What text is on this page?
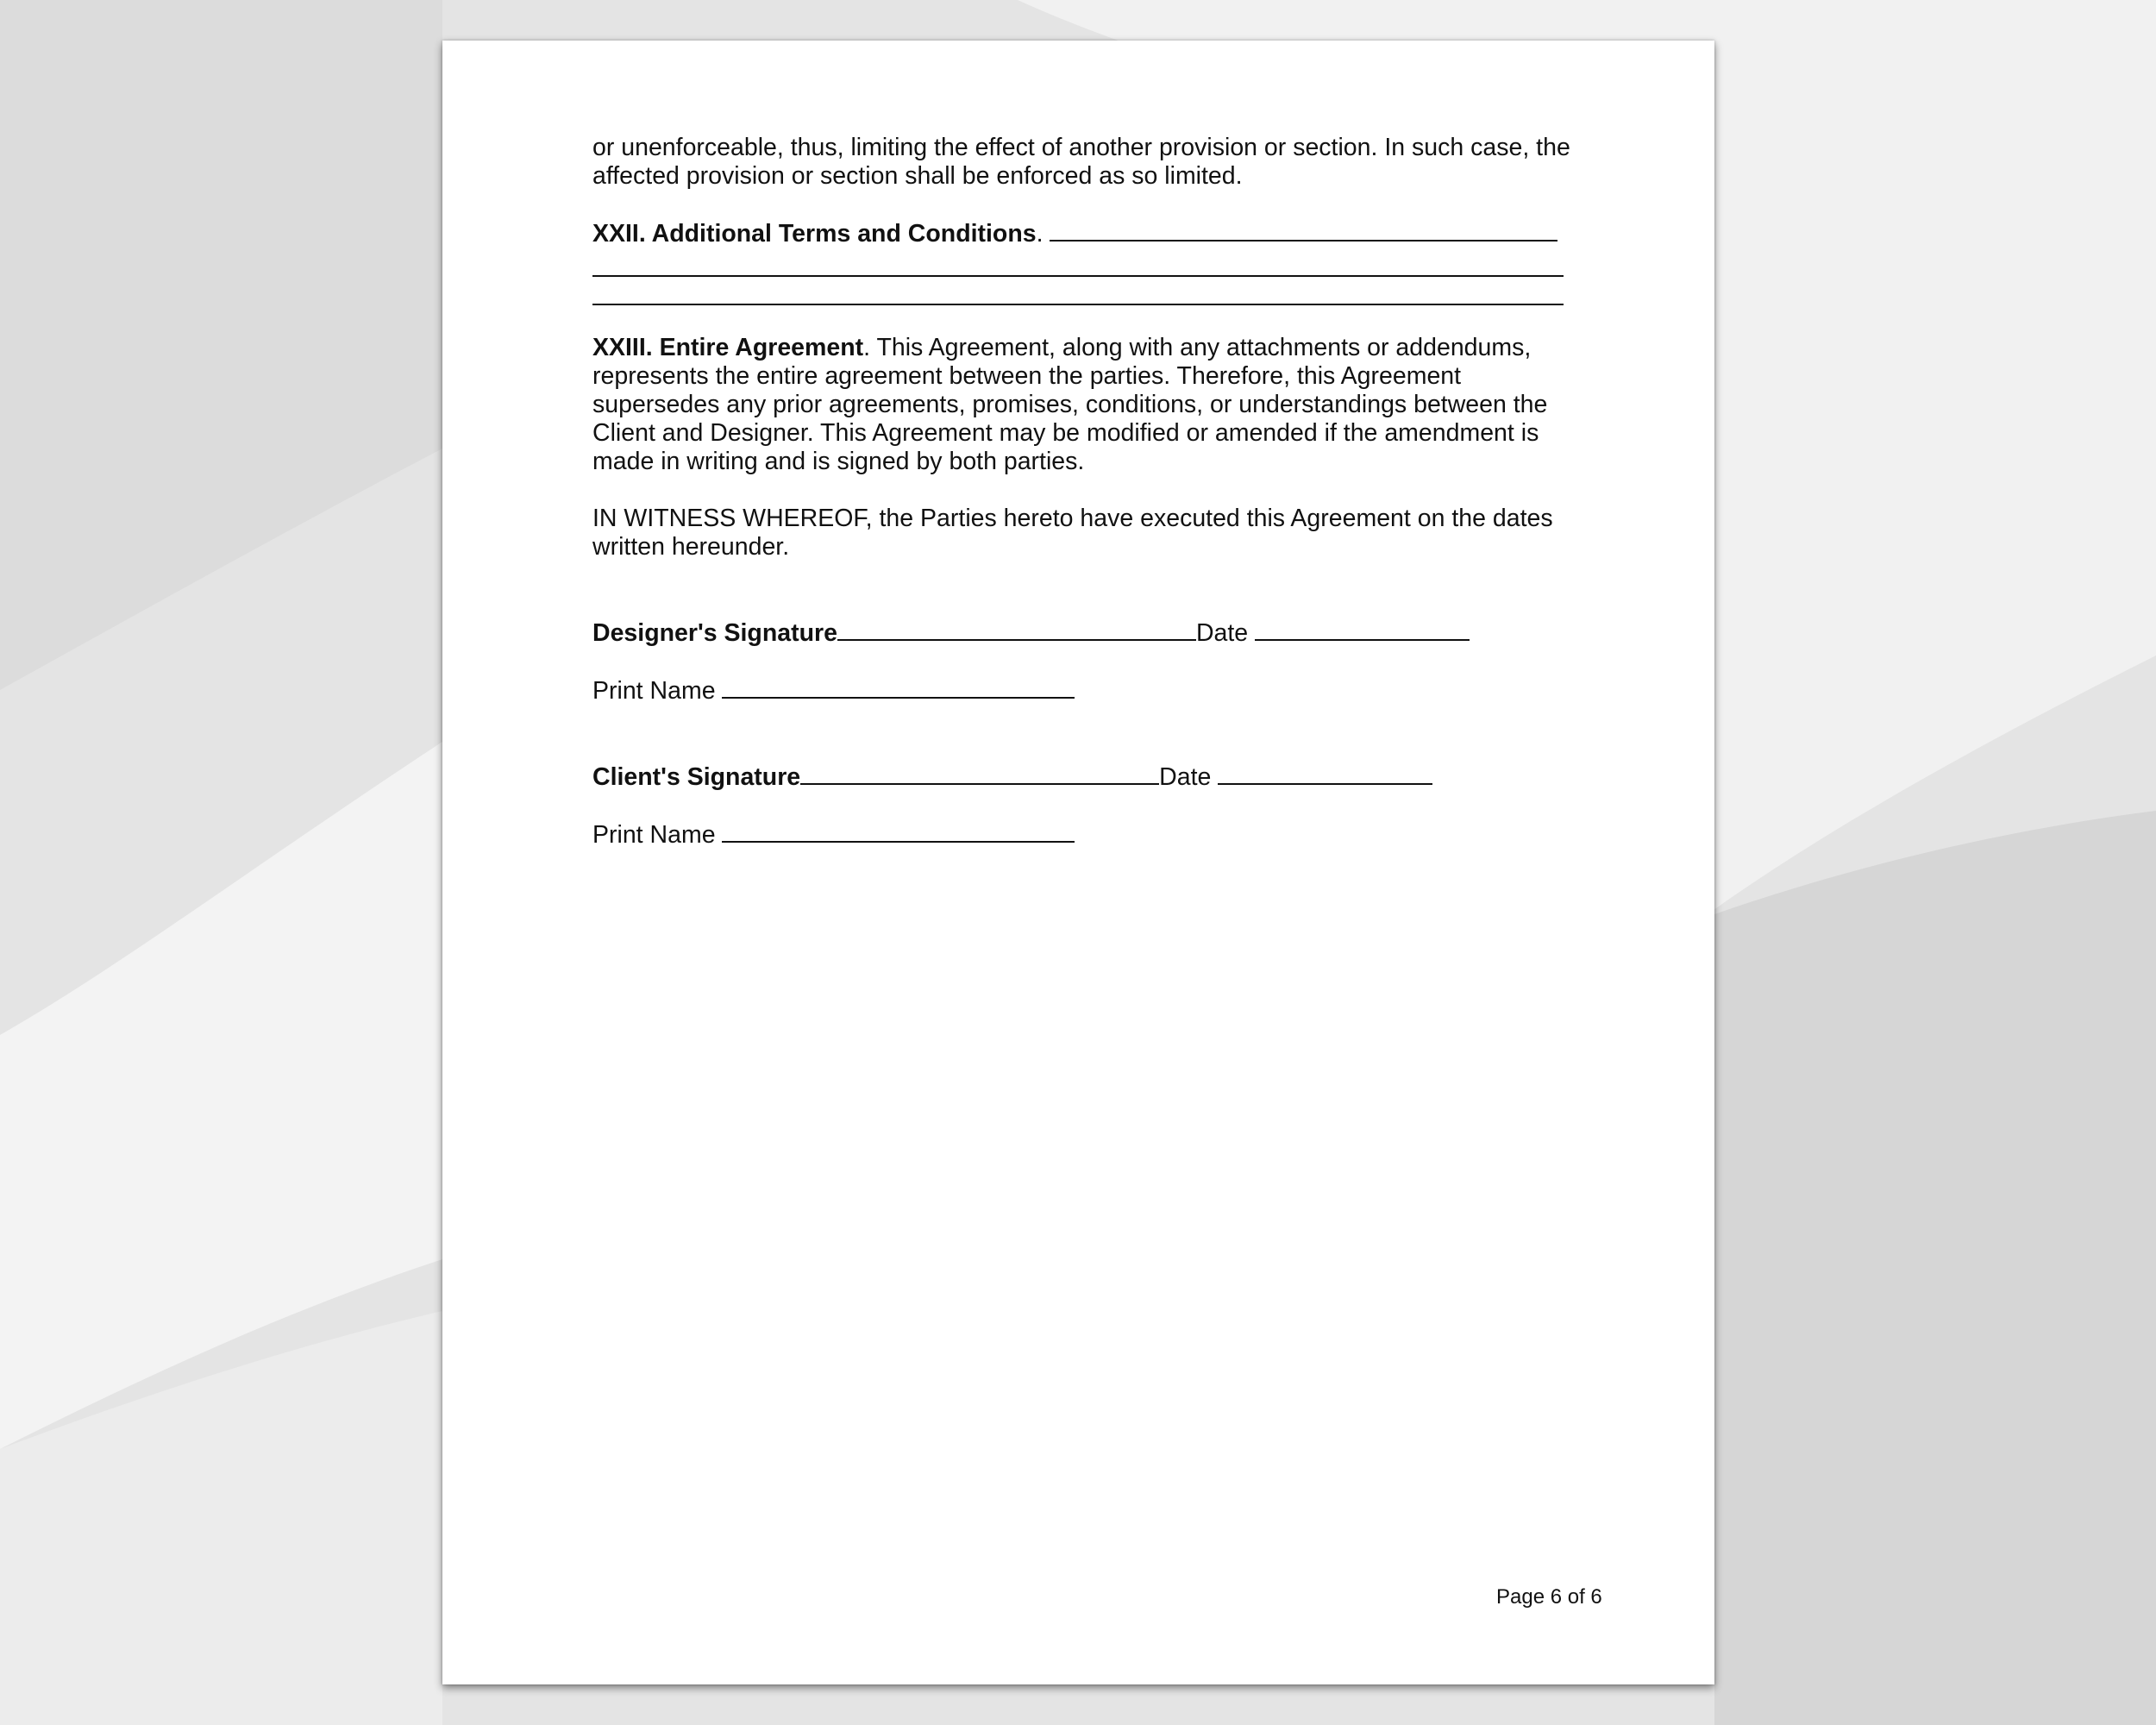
or unenforceable, thus, limiting the effect of another provision or section. In such case, the affected provision or section shall be enforced as so limited.

XXII. Additional Terms and Conditions.

XXIII. Entire Agreement. This Agreement, along with any attachments or addendums, represents the entire agreement between the parties. Therefore, this Agreement supersedes any prior agreements, promises, conditions, or understandings between the Client and Designer. This Agreement may be modified or amended if the amendment is made in writing and is signed by both parties.

IN WITNESS WHEREOF, the Parties hereto have executed this Agreement on the dates written hereunder.

Designer's Signature	Date
Print Name
Client's Signature	Date
Print Name
Page 6 of 6
